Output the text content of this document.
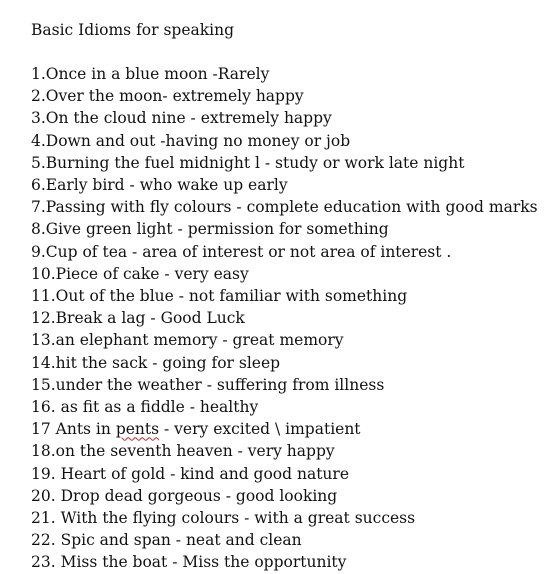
Basic Idioms for speaking
1.Once in a blue moon -Rarely
2.Over the moon- extremely happy
3.On the cloud nine - extremely happy
4.Down and out -having no money or job
5.Burning the fuel midnight l - study or work late night
6.Early bird - who wake up early
7.Passing with fly colours - complete education with good marks
8.Give green light - permission for something
9.Cup of tea - area of interest or not area of interest .
10.Piece of cake - very easy
11.Out of the blue - not familiar with something
12.Break a lag - Good Luck
13.an elephant memory - great memory
14.hit the sack - going for sleep
15.under the weather - suffering from illness
16. as fit as a fiddle - healthy
17 Ants in pents - very excited \ impatient
18.on the seventh heaven - very happy
19. Heart of gold - kind and good nature
20. Drop dead gorgeous - good looking
21. With the flying colours - with a great success
22. Spic and span - neat and clean
23. Miss the boat - Miss the opportunity
